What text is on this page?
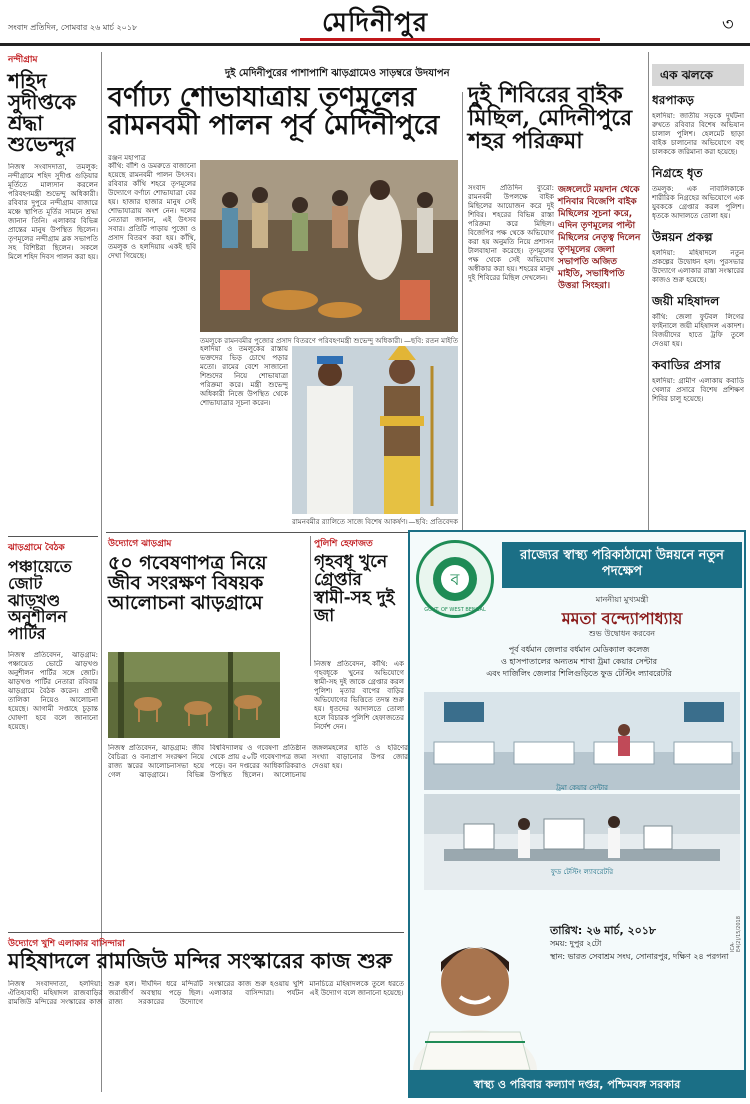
সংবাদ প্রতিদিন, সোমবার ২৬ মার্চ ২০১৮	মেদিনীপুর	৩
নন্দীগ্রাম
শহিদ সুদীপ্তকে শ্রদ্ধা শুভেন্দুর
নিজস্ব সংবাদদাতা, তমলুক: নন্দীগ্রামে শহিদ সুদীপ্ত গুড়িয়ার মূর্তিতে মাল্যদান করলেন পরিবহণমন্ত্রী শুভেন্দু অধিকারী। রবিবার দুপুরে নন্দীগ্রাম বাজারে মঞ্চে স্থাপিত মূর্তির সামনে শ্রদ্ধা জানান তিনি। এলাকার বিভিন্ন প্রান্তের মানুষ উপস্থিত ছিলেন। তৃণমূলের নন্দীগ্রাম ব্লক সভাপতি সহ বিশিষ্টরা ছিলেন। সকলে মিলে শহিদ দিবস পালন করা হয়।
ঝাড়গ্রামে বৈঠক
পঞ্চায়েতে জোট ঝাড়খণ্ড অনুশীলন পার্টির
নিজস্ব প্রতিবেদন, ঝাড়গ্রাম: পঞ্চায়েত ভোটে ঝাড়খণ্ড অনুশীলন পার্টির সঙ্গে জোট। ঝাড়খণ্ড পার্টির নেতারা রবিবার ঝাড়গ্রামে বৈঠক করেন। প্রার্থী তালিকা নিয়েও আলোচনা হয়েছে। আগামী সপ্তাহে চূড়ান্ত ঘোষণা হবে বলে জানানো হয়েছে।
দুই মেদিনীপুরের পাশাপাশি ঝাড়গ্রামেও সাড়ম্বরে উদযাপন
বর্ণাঢ্য শোভাযাত্রায় তৃণমূলের রামনবমী পালন পূর্ব মেদিনীপুরে
রঞ্জন মহাপাত্র
কাঁথি: বাঁশি ও ডমরুতে বাজানো হয়েছে রামনবমী পালন উৎসব। রবিবার কাঁথি শহরে তৃণমূলের উদ্যোগে বর্ণাঢ্য শোভাযাত্রা বের হয়। হাজার হাজার মানুষ সেই শোভাযাত্রায় অংশ নেন। দলের নেতারা জানান, এই উৎসব সবার। প্রতিটি পাড়ায় পুজো ও প্রসাদ বিতরণ করা হয়। কাঁথি, তমলুক ও হলদিয়ায় একই ছবি দেখা গিয়েছে।
তমলুকে রামনবমীর পুজোর প্রসাদ বিতরণে পরিবহণমন্ত্রী শুভেন্দু অধিকারী। —ছবি: রতন মাইতি
হলদিয়া ও তমলুকের রাস্তায় ভক্তদের ভিড় চোখে পড়ার মতো। রামের বেশে সাজানো শিশুদের নিয়ে শোভাযাত্রা পরিক্রমা করে। মন্ত্রী শুভেন্দু অধিকারী নিজে উপস্থিত থেকে শোভাযাত্রার সূচনা করেন।
রামনবমীর র‌্যালিতে সাজে বিশেষ আকর্ষণ। —ছবি: প্রতিবেদক
দুই শিবিরের বাইক মিছিল, মেদিনীপুরে শহর পরিক্রমা
সংবাদ প্রতিদিন ব্যুরো: রামনবমী উপলক্ষে বাইক মিছিলের আয়োজন করে দুই শিবির। শহরের বিভিন্ন রাস্তা পরিক্রমা করে মিছিল। বিজেপির পক্ষ থেকে অভিযোগ করা হয় অনুমতি নিয়ে প্রশাসন টালবাহানা করেছে। তৃণমূলের পক্ষ থেকে সেই অভিযোগ অস্বীকার করা হয়। শহরের মানুষ দুই শিবিরের মিছিল দেখলেন।
জঙ্গলেটে ময়দান থেকে শনিবার বিজেপি বাইক মিছিলের সূচনা করে, এদিন তৃণমূলের পাল্টা মিছিলের নেতৃত্ব দিলেন তৃণমূলের জেলা সভাপতি অজিত মাইতি, সভাধিপতি উত্তরা সিংহরা।
এক ঝলকে
ধরপাকড়
হলদিয়া: জাতীয় সড়কে দুর্ঘটনা রুখতে রবিবার বিশেষ অভিযান চালাল পুলিশ। হেলমেট ছাড়া বাইক চালানোর অভিযোগে বহু চালককে জরিমানা করা হয়েছে।
নিগ্রহে ধৃত
তমলুক: এক নাবালিকাকে শারীরিক নিগ্রহের অভিযোগে এক যুবককে গ্রেপ্তার করল পুলিশ। ধৃতকে আদালতে তোলা হয়।
উন্নয়ন প্রকল্প
হলদিয়া: মহিষাদলে নতুন প্রকল্পের উদ্বোধন হল। পুরসভার উদ্যোগে এলাকার রাস্তা সংস্কারের কাজও শুরু হয়েছে।
জয়ী মহিষাদল
কাঁথি: জেলা ফুটবল লিগের ফাইনালে জয়ী মহিষাদল একাদশ। বিজয়ীদের হাতে ট্রফি তুলে দেওয়া হয়।
কবাডির প্রসার
হলদিয়া: গ্রামীণ এলাকায় কবাডি খেলার প্রসারে বিশেষ প্রশিক্ষণ শিবির চালু হয়েছে।
উদ্যোগে ঝাড়গ্রাম
৫০ গবেষণাপত্র নিয়ে জীব সংরক্ষণ বিষয়ক আলোচনা ঝাড়গ্রামে
নিজস্ব প্রতিবেদন, ঝাড়গ্রাম: জীব বৈচিত্র্য ও বন্যপ্রাণ সংরক্ষণ নিয়ে রাজ্য স্তরের আলোচনাসভা হয়ে গেল ঝাড়গ্রামে। বিভিন্ন বিশ্ববিদ্যালয় ও গবেষণা প্রতিষ্ঠান থেকে প্রায় ৫০টি গবেষণাপত্র জমা পড়ে। বন দপ্তরের আধিকারিকরাও উপস্থিত ছিলেন। আলোচনায় জঙ্গলমহলের হাতি ও হরিণের সংখ্যা বাড়ানোর উপর জোর দেওয়া হয়।
পুলিশি হেফাজত
গৃহবধূ খুনে গ্রেপ্তার স্বামী-সহ দুই জা
নিজস্ব প্রতিবেদন, কাঁথি: এক গৃহবধূকে খুনের অভিযোগে স্বামী-সহ দুই জাকে গ্রেপ্তার করল পুলিশ। মৃতার বাপের বাড়ির অভিযোগের ভিত্তিতে তদন্ত শুরু হয়। ধৃতদের আদালতে তোলা হলে বিচারক পুলিশি হেফাজতের নির্দেশ দেন।
উদ্যোগে খুশি এলাকার বাসিন্দারা
মহিষাদলে রামজিউ মন্দির সংস্কারের কাজ শুরু
নিজস্ব সংবাদদাতা, হলদিয়া: ঐতিহ্যবাহী মহিষাদল রাজবাড়ির রামজিউ মন্দিরের সংস্কারের কাজ শুরু হল। দীর্ঘদিন ধরে মন্দিরটি জরাজীর্ণ অবস্থায় পড়ে ছিল। রাজ্য সরকারের উদ্যোগে সংস্কারের কাজ শুরু হওয়ায় খুশি এলাকার বাসিন্দারা। পর্যটন মানচিত্রে মহিষাদলকে তুলে ধরতে এই উদ্যোগ বলে জানানো হয়েছে।
ব
GOVT. OF WEST BENGAL
রাজ্যের স্বাস্থ্য পরিকাঠামো উন্নয়নে নতুন পদক্ষেপ
মাননীয়া মুখ্যমন্ত্রী
মমতা বন্দ্যোপাধ্যায়
শুভ উদ্বোধন করবেন
পূর্ব বর্ধমান জেলার বর্ধমান মেডিক্যাল কলেজ
ও হাসপাতালের অন্যতম শাখা ট্রমা কেয়ার সেন্টার
এবং দার্জিলিং জেলার শিলিগুড়িতে ফুড টেস্টিং ল্যাবরেটরি
ট্রমা কেয়ার সেন্টার
ফুড টেস্টিং ল্যাবরেটরি
তারিখ: ২৬ মার্চ, ২০১৮
সময়: দুপুর ২টো
স্থান: ভারত সেবাশ্রম সংঘ, সোনারপুর, দক্ষিণ ২৪ পরগনা
ICA-E4(2)/15/2018
স্বাস্থ্য ও পরিবার কল্যাণ দপ্তর, পশ্চিমবঙ্গ সরকার
